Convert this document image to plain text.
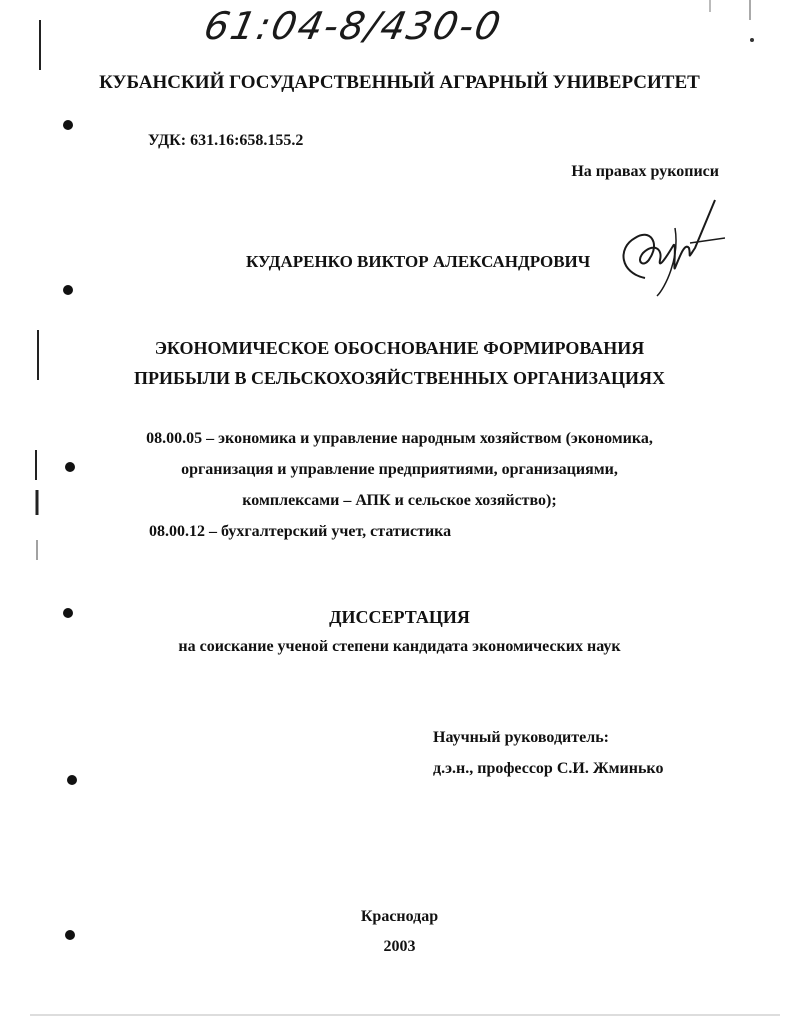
61:04-8/430-0

КУБАНСКИЙ ГОСУДАРСТВЕННЫЙ АГРАРНЫЙ УНИВЕРСИТЕТ

УДК: 631.16:658.155.2

На правах рукописи

КУДАРЕНКО ВИКТОР АЛЕКСАНДРОВИЧ

ЭКОНОМИЧЕСКОЕ ОБОСНОВАНИЕ ФОРМИРОВАНИЯ

ПРИБЫЛИ В СЕЛЬСКОХОЗЯЙСТВЕННЫХ ОРГАНИЗАЦИЯХ

08.00.05 – экономика и управление народным хозяйством (экономика,

организация и управление предприятиями, организациями,

комплексами – АПК и сельское хозяйство);

08.00.12 – бухгалтерский учет, статистика

ДИССЕРТАЦИЯ

на соискание ученой степени кандидата экономических наук

Научный руководитель:

д.э.н., профессор С.И. Жминько

Краснодар

2003
